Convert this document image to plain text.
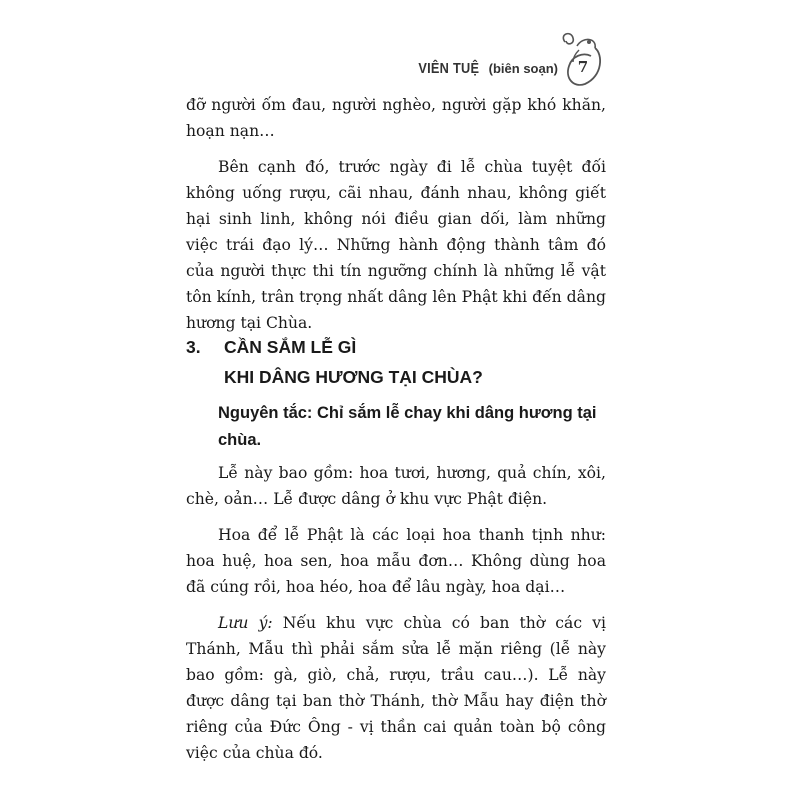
VIÊN TUỆ (biên soạn)	7

đỡ người ốm đau, người nghèo, người gặp khó khăn, hoạn nạn…

Bên cạnh đó, trước ngày đi lễ chùa tuyệt đối không uống rượu, cãi nhau, đánh nhau, không giết hại sinh linh, không nói điều gian dối, làm những việc trái đạo lý… Những hành động thành tâm đó của người thực thi tín ngưỡng chính là những lễ vật tôn kính, trân trọng nhất dâng lên Phật khi đến dâng hương tại Chùa.

3.	CẦN SẮM LỄ GÌ
KHI DÂNG HƯƠNG TẠI CHÙA?
Nguyên tắc: Chỉ sắm lễ chay khi dâng hương tại chùa.

Lễ này bao gồm: hoa tươi, hương, quả chín, xôi, chè, oản… Lễ được dâng ở khu vực Phật điện.

Hoa để lễ Phật là các loại hoa thanh tịnh như: hoa huệ, hoa sen, hoa mẫu đơn… Không dùng hoa đã cúng rồi, hoa héo, hoa để lâu ngày, hoa dại…

Lưu ý: Nếu khu vực chùa có ban thờ các vị Thánh, Mẫu thì phải sắm sửa lễ mặn riêng (lễ này bao gồm: gà, giò, chả, rượu, trầu cau…). Lễ này được dâng tại ban thờ Thánh, thờ Mẫu hay điện thờ riêng của Đức Ông - vị thần cai quản toàn bộ công việc của chùa đó.
